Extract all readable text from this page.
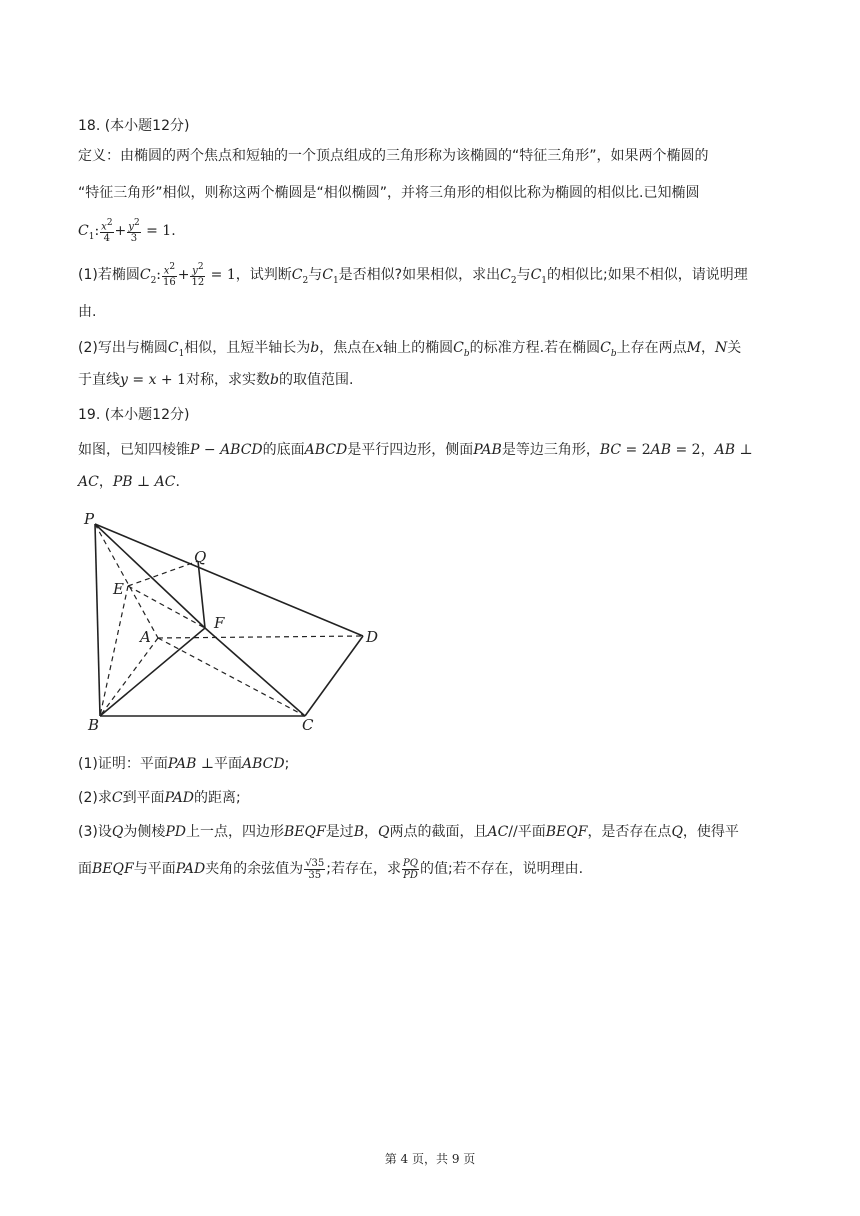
18. (本小题12分)
定义：由椭圆的两个焦点和短轴的一个顶点组成的三角形称为该椭圆的“特征三角形”，如果两个椭圆的
“特征三角形”相似，则称这两个椭圆是“相似椭圆”，并将三角形的相似比称为椭圆的相似比.已知椭圆
$C_1$: $\frac{x^2}{4} + \frac{y^2}{3} = 1$.
(1)若椭圆$C_2$: $\frac{x^2}{16} + \frac{y^2}{12} = 1$，试判断$C_2$与$C_1$是否相似?如果相似，求出$C_2$与$C_1$的相似比;如果不相似，请说明理
由.
(2)写出与椭圆$C_1$相似，且短半轴长为b，焦点在x轴上的椭圆$C_b$的标准方程.若在椭圆$C_b$上存在两点M，N关
于直线y = x + 1对称，求实数b的取值范围.
19. (本小题12分)
如图，已知四棱锥P − ABCD的底面ABCD是平行四边形，侧面PAB是等边三角形，BC = 2AB = 2，AB ⊥
AC，PB ⊥ AC.
P
Q
E
A
F
D
B	C
(1)证明：平面PAB ⊥平面ABCD;
(2)求C到平面PAD的距离;
(3)设Q为侧棱PD上一点，四边形BEQF是过B，Q两点的截面，且AC//平面BEQF，是否存在点Q，使得平
面BEQF与平面PAD夹角的余弦值为 $\frac{√35}{35}$ ;若存在，求 $\frac{PQ}{PD}$ 的值;若不存在，说明理由.
第 4 页，共 9 页
